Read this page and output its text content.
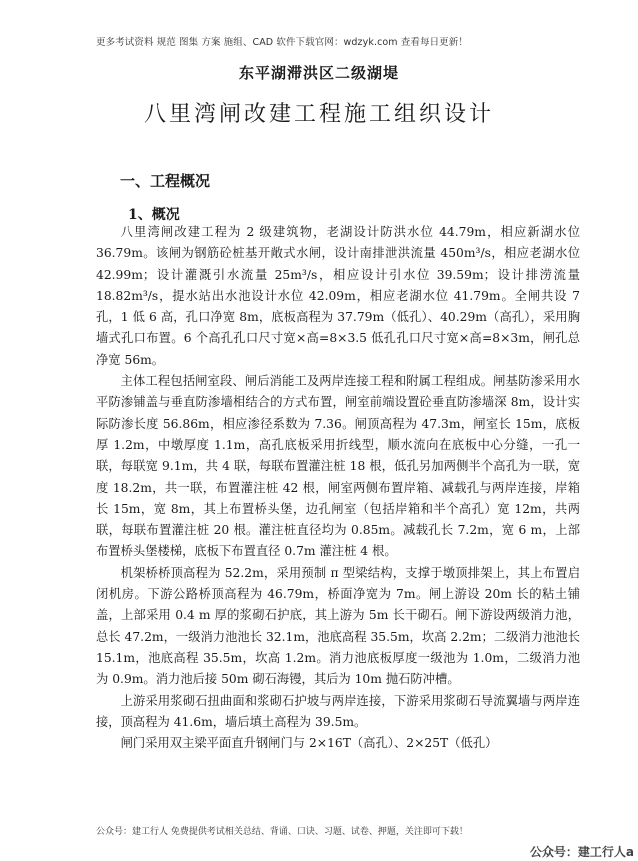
更多考试资料 规范 图集 方案 施组、CAD 软件下载官网：wdzyk.com 查看每日更新！
东平湖滞洪区二级湖堤
八里湾闸改建工程施工组织设计
一、工程概况
1、概况

八里湾闸改建工程为 2 级建筑物，老湖设计防洪水位 44.79m，相应新湖水位 36.79m。该闸为钢筋砼桩基开敞式水闸，设计南排泄洪流量 450m³/s，相应老湖水位 42.99m；设计灌溉引水流量 25m³/s，相应设计引水位 39.59m；设计排涝流量 18.82m³/s，提水站出水池设计水位 42.09m，相应老湖水位 41.79m。全闸共设 7 孔，1 低 6 高，孔口净宽 8m，底板高程为 37.79m（低孔）、40.29m（高孔），采用胸墙式孔口布置。6 个高孔孔口尺寸宽×高=8×3.5 低孔孔口尺寸宽×高=8×3m，闸孔总净宽 56m。

主体工程包括闸室段、闸后消能工及两岸连接工程和附属工程组成。闸基防渗采用水平防渗铺盖与垂直防渗墙相结合的方式布置，闸室前端设置砼垂直防渗墙深 8m，设计实际防渗长度 56.86m，相应渗径系数为 7.36。闸顶高程为 47.3m，闸室长 15m，底板厚 1.2m，中墩厚度 1.1m，高孔底板采用折线型，顺水流向在底板中心分缝，一孔一联，每联宽 9.1m，共 4 联，每联布置灌注桩 18 根，低孔另加两侧半个高孔为一联，宽度 18.2m，共一联，布置灌注桩 42 根，闸室两侧布置岸箱、减载孔与两岸连接，岸箱长 15m，宽 8m，其上布置桥头堡，边孔闸室（包括岸箱和半个高孔）宽 12m，共两联，每联布置灌注桩 20 根。灌注桩直径均为 0.85m。减载孔长 7.2m，宽 6 m，上部布置桥头堡楼梯，底板下布置直径 0.7m 灌注桩 4 根。

机架桥桥顶高程为 52.2m，采用预制 π 型梁结构，支撑于墩顶排架上，其上布置启闭机房。下游公路桥顶高程为 46.79m，桥面净宽为 7m。闸上游设 20m 长的粘土铺盖，上部采用 0.4 m 厚的浆砌石护底，其上游为 5m 长干砌石。闸下游设两级消力池，总长 47.2m，一级消力池池长 32.1m，池底高程 35.5m，坎高 2.2m；二级消力池池长 15.1m，池底高程 35.5m，坎高 1.2m。消力池底板厚度一级池为 1.0m，二级消力池为 0.9m。消力池后接 50m 砌石海镘，其后为 10m 抛石防冲槽。

上游采用浆砌石扭曲面和浆砌石护坡与两岸连接，下游采用浆砌石导流翼墙与两岸连接，顶高程为 41.6m，墙后填土高程为 39.5m。

闸门采用双主梁平面直升钢闸门与 2×16T（高孔）、2×25T（低孔）

公众号：建工行人 免费提供考试相关总结、背诵、口诀、习题、试卷、押题，关注即可下载！
公众号：建工行人a
